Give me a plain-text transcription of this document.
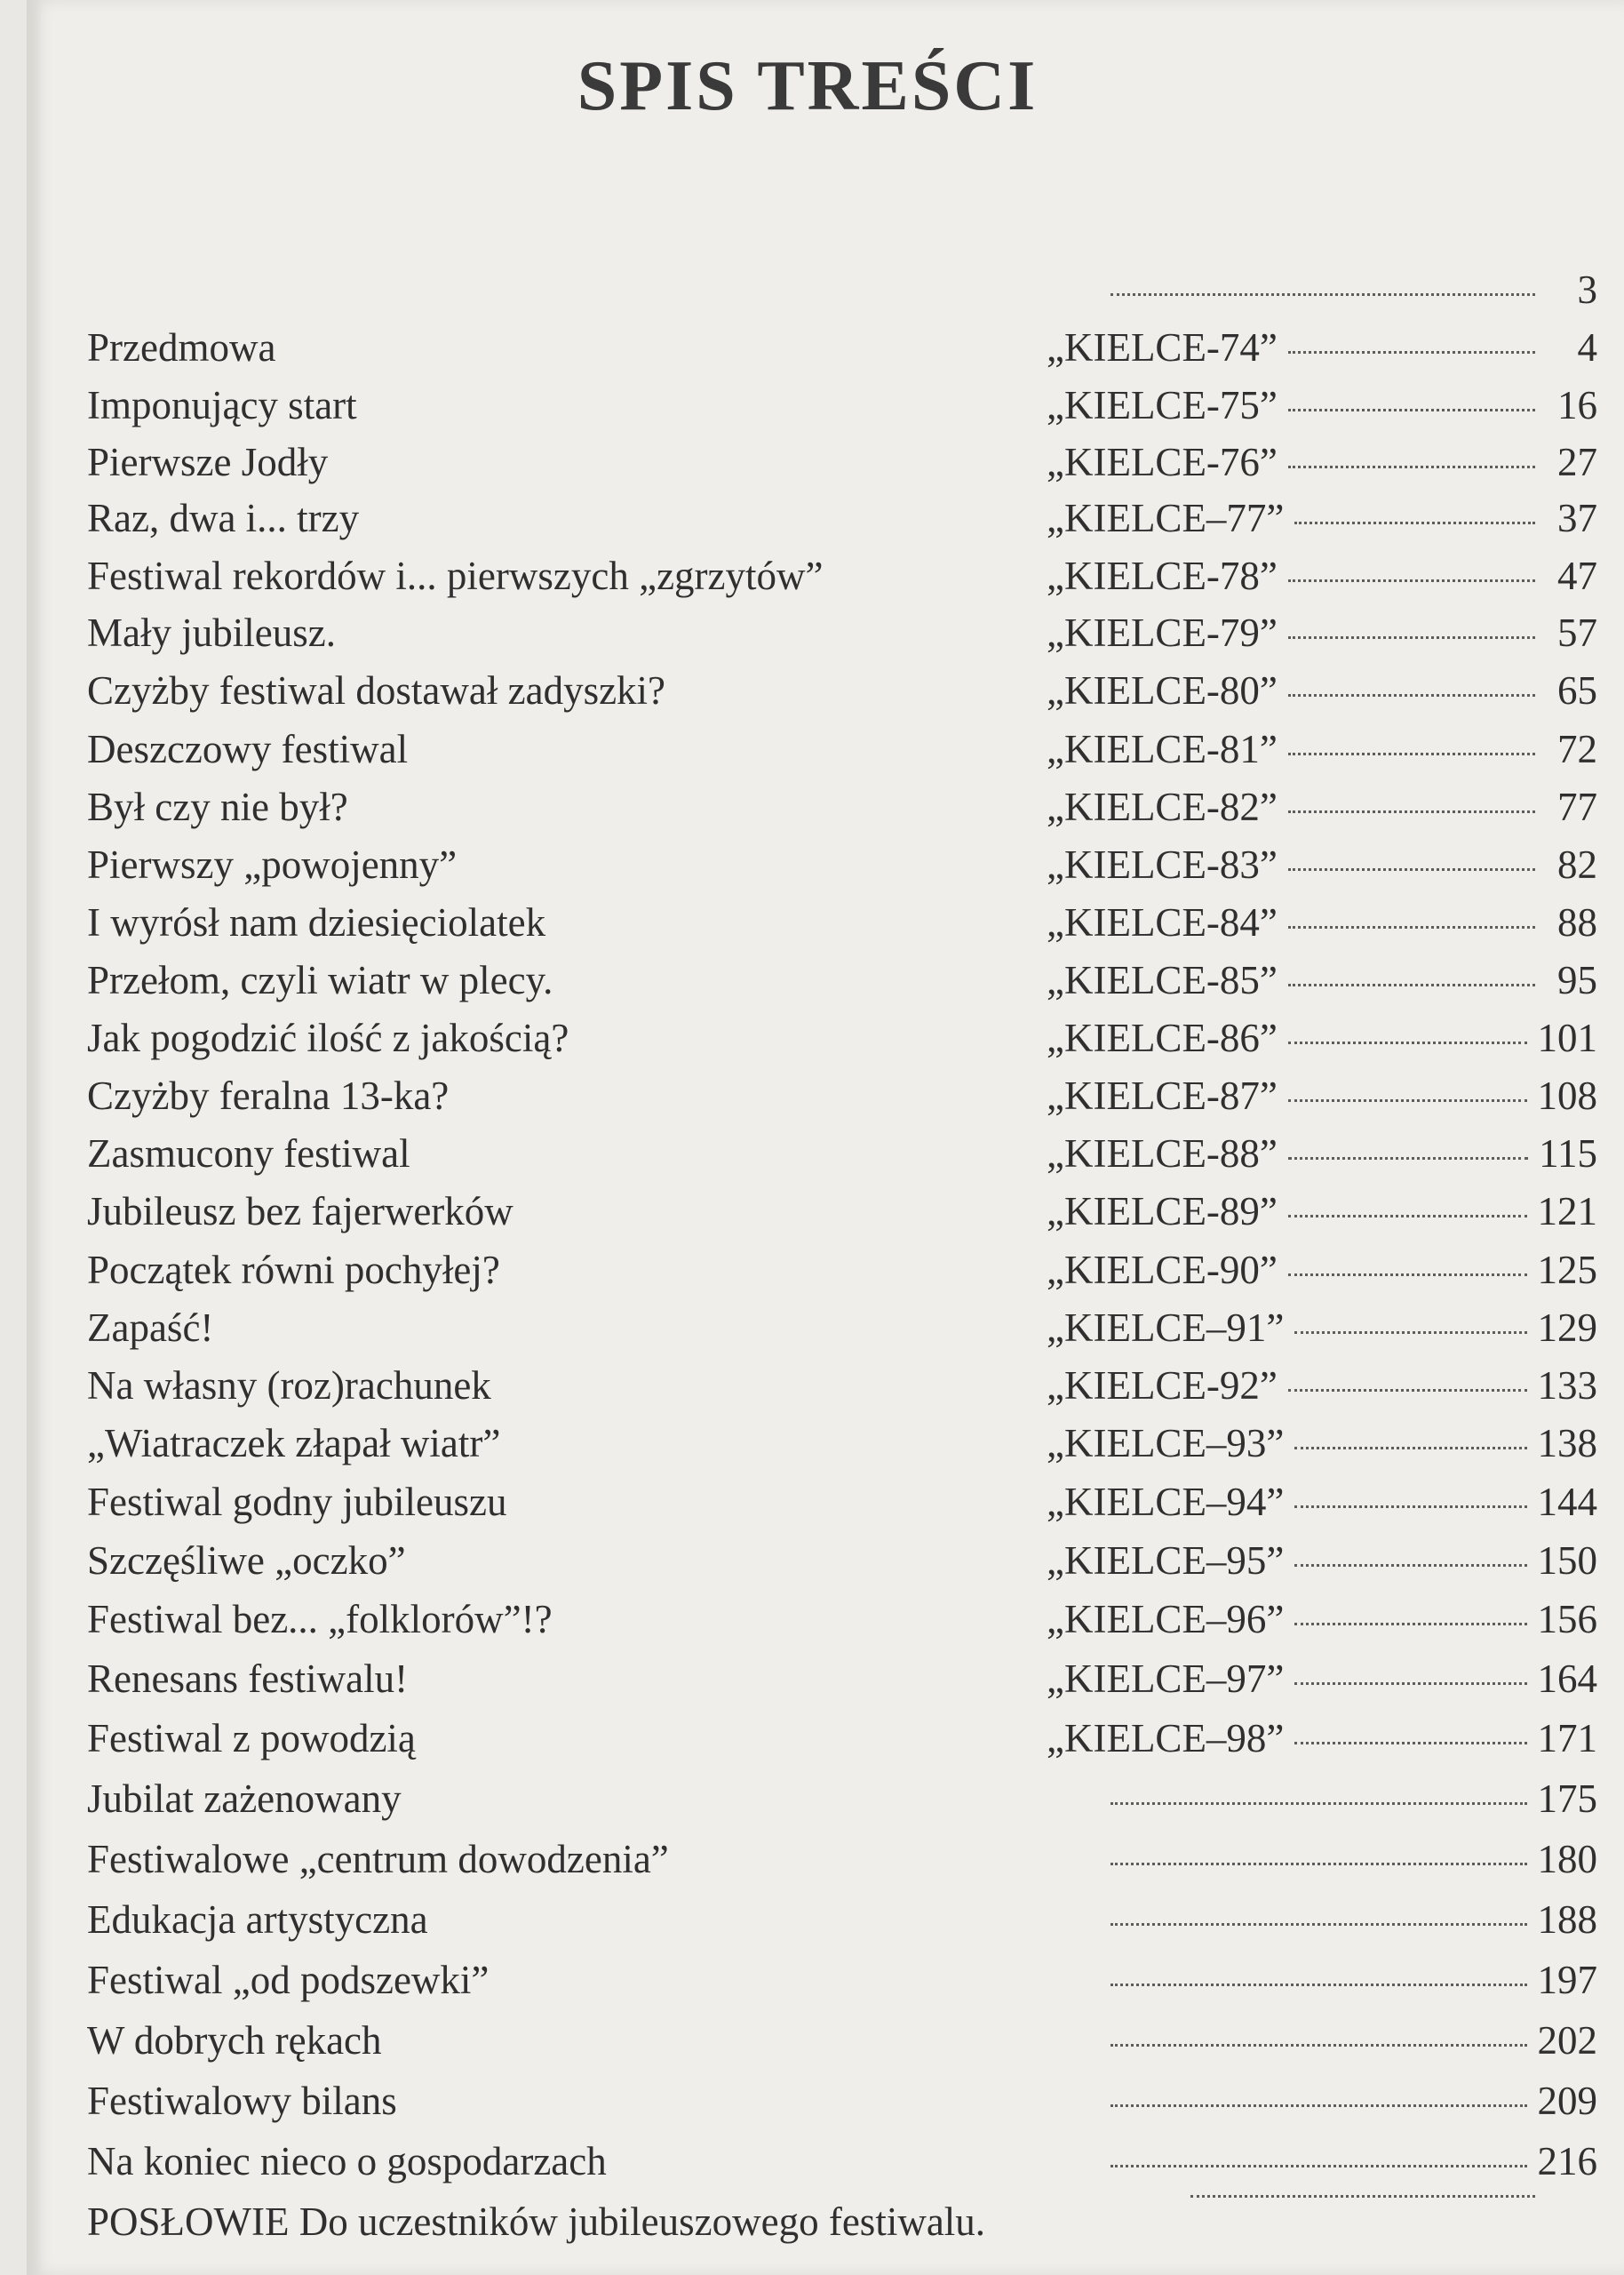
SPIS TREŚCI
3
Przedmowa	„KIELCE-74”	4
Imponujący start	„KIELCE-75”	16
Pierwsze Jodły	„KIELCE-76”	27
Raz, dwa i... trzy	„KIELCE–77”	37
Festiwal rekordów i... pierwszych „zgrzytów”	„KIELCE-78”	47
Mały jubileusz.	„KIELCE-79”	57
Czyżby festiwal dostawał zadyszki?	„KIELCE-80”	65
Deszczowy festiwal	„KIELCE-81”	72
Był czy nie był?	„KIELCE-82”	77
Pierwszy „powojenny”	„KIELCE-83”	82
I wyrósł nam dziesięciolatek	„KIELCE-84”	88
Przełom, czyli wiatr w plecy.	„KIELCE-85”	95
Jak pogodzić ilość z jakością?	„KIELCE-86”	101
Czyżby feralna 13-ka?	„KIELCE-87”	108
Zasmucony festiwal	„KIELCE-88”	115
Jubileusz bez fajerwerków	„KIELCE-89”	121
Początek równi pochyłej?	„KIELCE-90”	125
Zapaść!	„KIELCE–91”	129
Na własny (roz)rachunek	„KIELCE-92”	133
„Wiatraczek złapał wiatr”	„KIELCE–93”	138
Festiwal godny jubileuszu	„KIELCE–94”	144
Szczęśliwe „oczko”	„KIELCE–95”	150
Festiwal bez... „folklorów”!?	„KIELCE–96”	156
Renesans festiwalu!	„KIELCE–97”	164
Festiwal z powodzią	„KIELCE–98”	171
Jubilat zażenowany	175
Festiwalowe „centrum dowodzenia”	180
Edukacja artystyczna	188
Festiwal „od podszewki”	197
W dobrych rękach	202
Festiwalowy bilans	209
Na koniec nieco o gospodarzach	216
POSŁOWIE Do uczestników jubileuszowego festiwalu.
